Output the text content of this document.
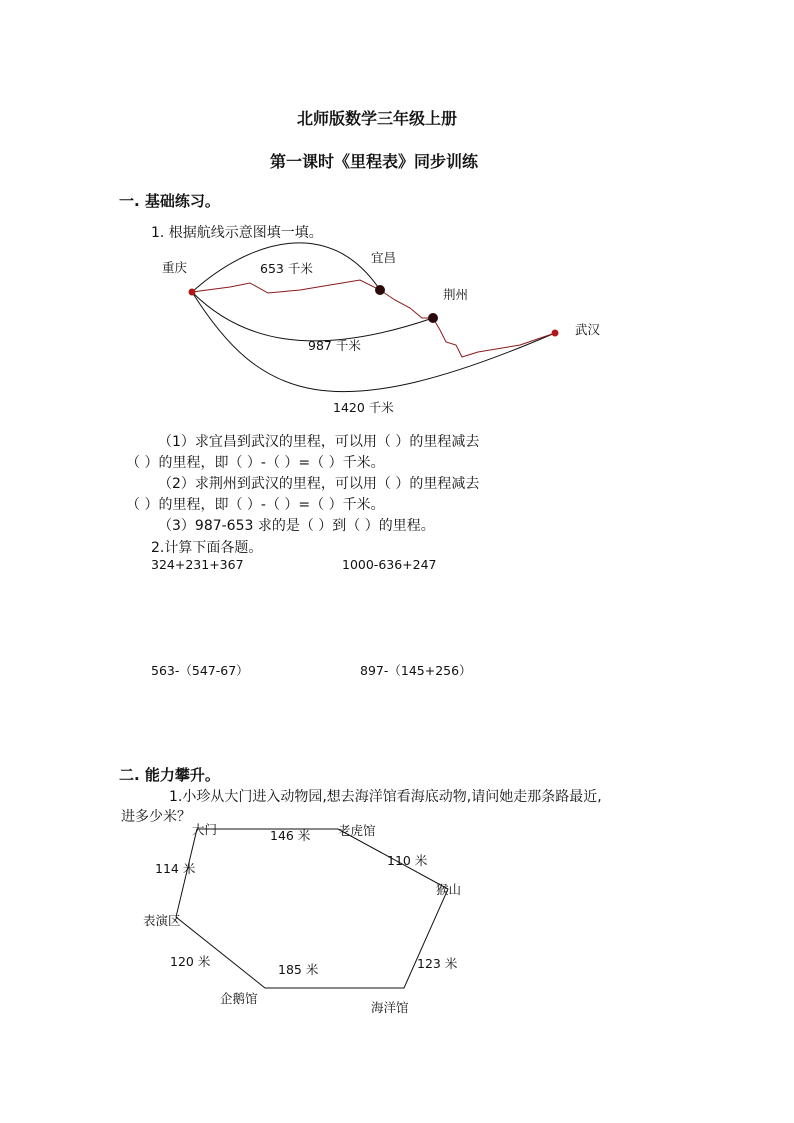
北师版数学三年级上册
第一课时《里程表》同步训练
一. 基础练习。
1. 根据航线示意图填一填。
重庆
宜昌
荆州
武汉
653 千米
987 千米
1420 千米
大门	老虎馆
猴山
海洋馆
企鹅馆
表演区
146 米
110 米
123 米
185 米
120 米
114 米
（1）求宜昌到武汉的里程，可以用（ ）的里程减去
（ ）的里程，即（ ）-（ ）=（ ）千米。
（2）求荆州到武汉的里程，可以用（ ）的里程减去
（ ）的里程，即（ ）-（ ）=（ ）千米。
（3）987-653 求的是（ ）到（ ）的里程。
2.计算下面各题。
324+231+367	1000-636+247
563-（547-67）	897-（145+256）
二. 能力攀升。
1.小珍从大门进入动物园,想去海洋馆看海底动物,请问她走那条路最近,
进多少米？
